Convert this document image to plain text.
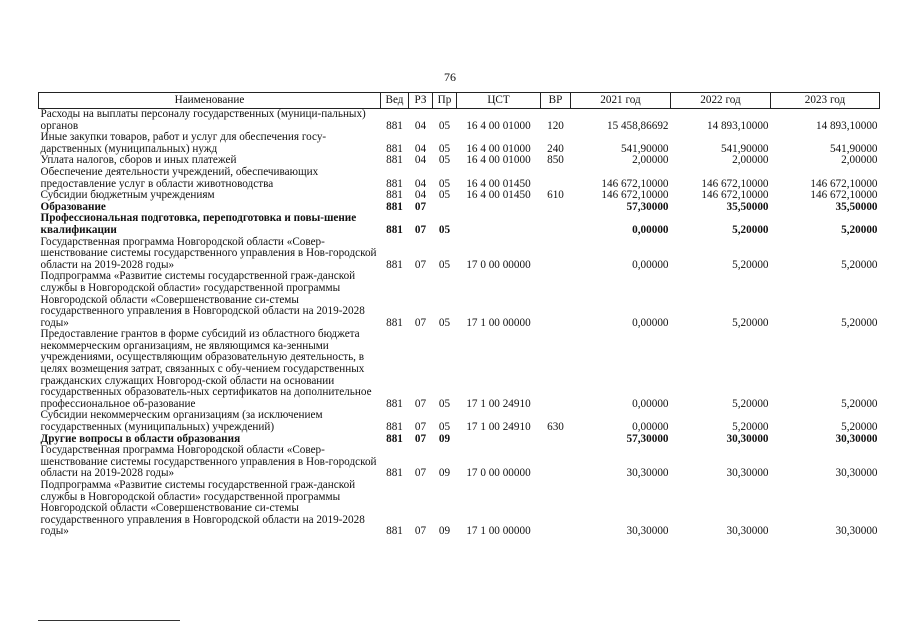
76
Наименование	Вед	РЗ	Пр	ЦСТ	ВР	2021 год	2022 год	2023 год
Расходы на выплаты персоналу государственных (муници-пальных) органов	881	04	05	16 4 00 01000	120	15 458,86692	14 893,10000	14 893,10000
Иные закупки товаров, работ и услуг для обеспечения госу-дарственных (муниципальных) нужд	881	04	05	16 4 00 01000	240	541,90000	541,90000	541,90000
Уплата налогов, сборов и иных платежей	881	04	05	16 4 00 01000	850	2,00000	2,00000	2,00000
Обеспечение деятельности учреждений, обеспечивающих предоставление услуг в области животноводства	881	04	05	16 4 00 01450		146 672,10000	146 672,10000	146 672,10000
Субсидии бюджетным учреждениям	881	04	05	16 4 00 01450	610	146 672,10000	146 672,10000	146 672,10000
Образование	881	07				57,30000	35,50000	35,50000
Профессиональная подготовка, переподготовка и повы-шение квалификации	881	07	05			0,00000	5,20000	5,20000
Государственная программа Новгородской области «Совер-шенствование системы государственного управления в Нов-городской области на 2019-2028 годы»	881	07	05	17 0 00 00000		0,00000	5,20000	5,20000
Подпрограмма «Развитие системы государственной граж-данской службы в Новгородской области» государственной программы Новгородской области «Совершенствование си-стемы государственного управления в Новгородской области на 2019-2028 годы»	881	07	05	17 1 00 00000		0,00000	5,20000	5,20000
Предоставление грантов в форме субсидий из областного бюджета некоммерческим организациям, не являющимся ка-зенными учреждениями, осуществляющим образовательную деятельность, в целях возмещения затрат, связанных с обу-чением государственных гражданских служащих Новгород-ской области на основании государственных образователь-ных сертификатов на дополнительное профессиональное об-разование	881	07	05	17 1 00 24910		0,00000	5,20000	5,20000
Субсидии некоммерческим организациям (за исключением государственных (муниципальных) учреждений)	881	07	05	17 1 00 24910	630	0,00000	5,20000	5,20000
Другие вопросы в области образования	881	07	09			57,30000	30,30000	30,30000
Государственная программа Новгородской области «Совер-шенствование системы государственного управления в Нов-городской области на 2019-2028 годы»	881	07	09	17 0 00 00000		30,30000	30,30000	30,30000
Подпрограмма «Развитие системы государственной граж-данской службы в Новгородской области» государственной программы Новгородской области «Совершенствование си-стемы государственного управления в Новгородской области на 2019-2028 годы»	881	07	09	17 1 00 00000		30,30000	30,30000	30,30000
